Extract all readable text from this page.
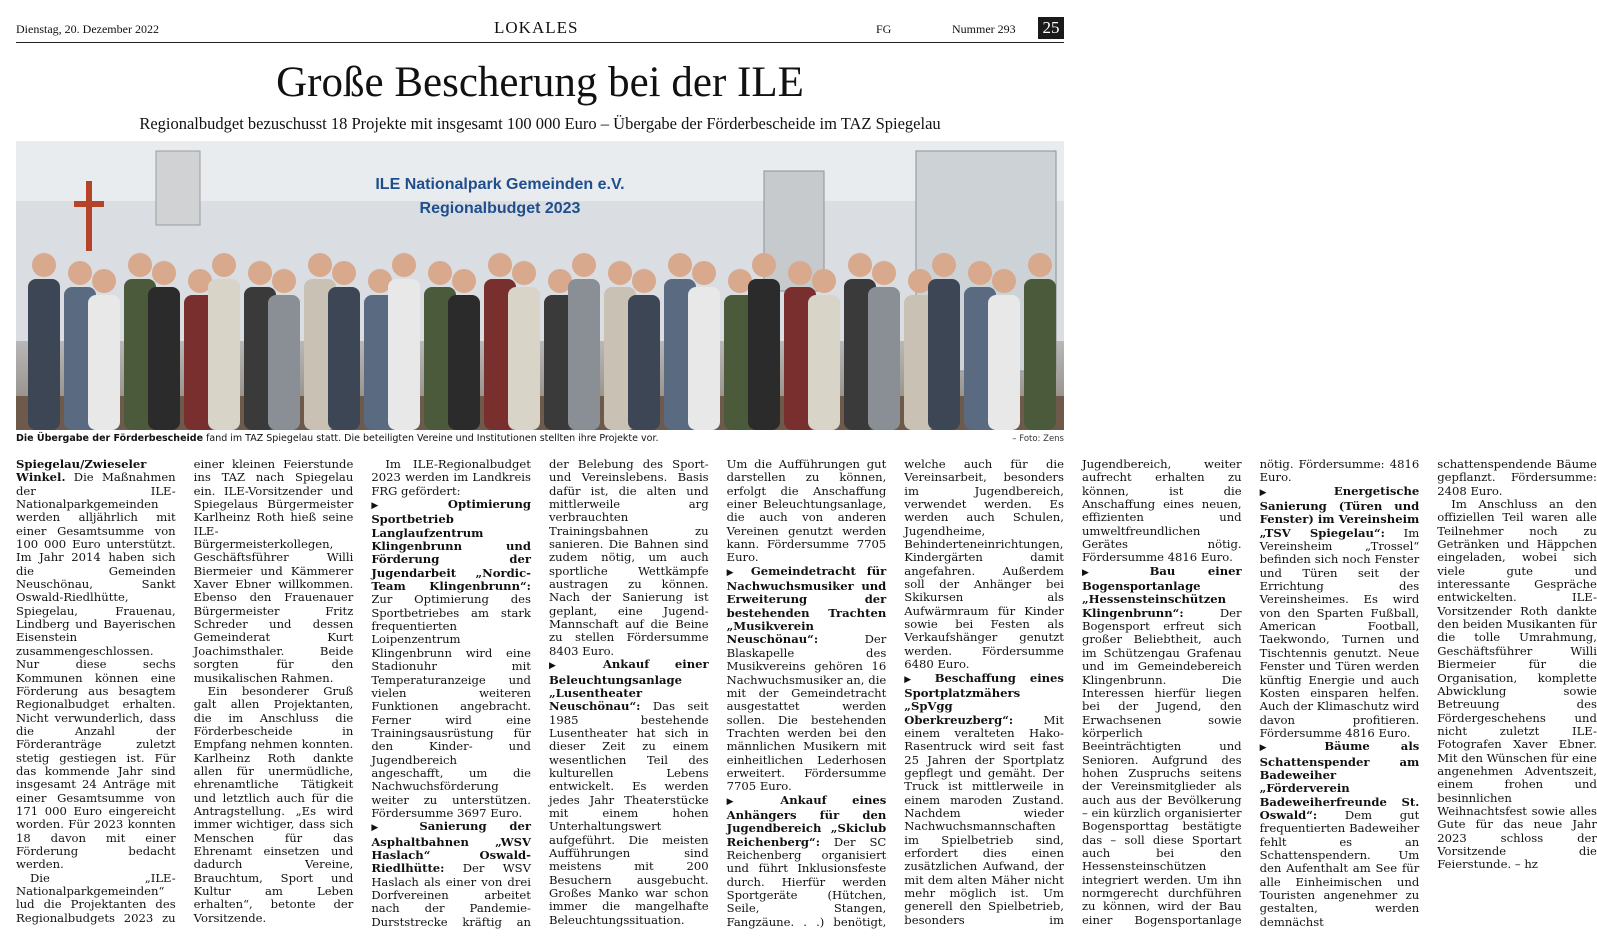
Dienstag, 20. Dezember 2022	LOKALES	FG	Nummer 293 25
Große Bescherung bei der ILE
Regionalbudget bezuschusst 18 Projekte mit insgesamt 100 000 Euro – Übergabe der Förderbescheide im TAZ Spiegelau
ILE Nationalpark Gemeinden e.V.
Regionalbudget 2023
Die Übergabe der Förderbescheide fand im TAZ Spiegelau statt. Die beteiligten Vereine und Institutionen stellten ihre Projekte vor.	– Foto: Zens

Spiegelau/Zwieseler Winkel. Die Maßnahmen der ILE-Nationalparkgemeinden werden alljährlich mit einer Gesamtsumme von 100 000 Euro unterstützt. Im Jahr 2014 haben sich die Gemeinden Neuschönau, Sankt Oswald-Riedlhütte, Spiegelau, Frauenau, Lindberg und Bayerischen Eisenstein zusammengeschlossen. Nur diese sechs Kommunen können eine Förderung aus besagtem Regionalbudget erhalten. Nicht verwunderlich, dass die Anzahl der Förderanträge zuletzt stetig gestiegen ist. Für das kommende Jahr sind insgesamt 24 Anträge mit einer Gesamtsumme von 171 000 Euro eingereicht worden. Für 2023 konnten 18 davon mit einer Förderung bedacht werden.

Die „ILE-Nationalparkgemeinden“ lud die Projektanten des Regionalbudgets 2023 zu einer kleinen Feierstunde ins TAZ nach Spiegelau ein. ILE-Vorsitzender und Spiegelaus Bürgermeister Karlheinz Roth hieß seine ILE-Bürgermeisterkollegen, Geschäftsführer Willi Biermeier und Kämmerer Xaver Ebner willkommen. Ebenso den Frauenauer Bürgermeister Fritz Schreder und dessen Gemeinderat Kurt Joachimsthaler. Beide sorgten für den musikalischen Rahmen.

Ein besonderer Gruß galt allen Projektanten, die im Anschluss die Förderbescheide in Empfang nehmen konnten. Karlheinz Roth dankte allen für unermüdliche, ehrenamtliche Tätigkeit und letztlich auch für die Antragstellung. „Es wird immer wichtiger, dass sich Menschen für das Ehrenamt einsetzen und dadurch Vereine, Brauchtum, Sport und Kultur am Leben erhalten“, betonte der Vorsitzende.

Im ILE-Regionalbudget 2023 werden im Landkreis FRG gefördert:

▶	Optimierung Sportbetrieb Langlaufzentrum Klingenbrunn und Förderung der Jugendarbeit „Nordic-Team Klingenbrunn“: Zur Optimierung des Sportbetriebes am stark frequentierten Loipenzentrum Klingenbrunn wird eine Stadionuhr mit Temperaturanzeige und vielen weiteren Funktionen angebracht. Ferner wird eine Trainingsausrüstung für den Kinder- und Jugendbereich angeschafft, um die Nachwuchsförderung weiter zu unterstützen. Fördersumme 3697 Euro.

▶ Sanierung der Asphaltbahnen „WSV Haslach“ Oswald-Riedlhütte: Der WSV Haslach als einer von drei Dorfvereinen arbeitet nach der Pandemie-Durststrecke kräftig an der Belebung des Sport- und Vereinslebens. Basis dafür ist, die alten und mittlerweile arg verbrauchten Trainingsbahnen zu sanieren. Die Bahnen sind zudem nötig, um auch sportliche Wettkämpfe austragen zu können. Nach der Sanierung ist geplant, eine Jugend- Mannschaft auf die Beine zu stellen Fördersumme 8403 Euro.

▶ Ankauf einer Beleuchtungsanlage „Lusentheater Neuschönau“: Das seit 1985 bestehende Lusentheater hat sich in dieser Zeit zu einem wesentlichen Teil des kulturellen Lebens entwickelt. Es werden jedes Jahr Theaterstücke mit einem hohen Unterhaltungswert aufgeführt. Die meisten Aufführungen sind meistens mit 200 Besuchern ausgebucht. Großes Manko war schon immer die mangelhafte Beleuchtungssituation. Um die Aufführungen gut darstellen zu können, erfolgt die Anschaffung einer Beleuchtungsanlage, die auch von anderen Vereinen genutzt werden kann. Fördersumme 7705 Euro.

▶ Gemeindetracht für Nachwuchsmusiker und Erweiterung der bestehenden Trachten „Musikverein Neuschönau“: Der Blaskapelle des Musikvereins gehören 16 Nachwuchsmusiker an, die mit der Gemeindetracht ausgestattet werden sollen. Die bestehenden Trachten werden bei den männlichen Musikern mit einheitlichen Lederhosen erweitert. Fördersumme 7705 Euro.

▶ Ankauf eines Anhängers für den Jugendbereich „Skiclub Reichenberg“: Der SC Reichenberg organisiert und führt Inklusionsfeste durch. Hierfür werden Sportgeräte (Hütchen, Seile, Stangen, Fangzäune. . .) benötigt, welche auch für die Vereinsarbeit, besonders im Jugendbereich, verwendet werden. Es werden auch Schulen, Jugendheime, Behinderteneinrichtungen, Kindergärten damit angefahren. Außerdem soll der Anhänger bei Skikursen als Aufwärmraum für Kinder sowie bei Festen als Verkaufshänger genutzt werden. Fördersumme 6480 Euro.

▶ Beschaffung eines Sportplatzmähers „SpVgg Oberkreuzberg“: Mit einem veralteten Hako-Rasentruck wird seit fast 25 Jahren der Sportplatz gepflegt und gemäht. Der Truck ist mittlerweile in einem maroden Zustand. Nachdem wieder Nachwuchsmannschaften im Spielbetrieb sind, erfordert dies einen zusätzlichen Aufwand, der mit dem alten Mäher nicht mehr möglich ist. Um generell den Spielbetrieb, besonders im Jugendbereich, weiter aufrecht erhalten zu können, ist die Anschaffung eines neuen, effizienten und umweltfreundlichen Gerätes nötig. Fördersumme 4816 Euro.

▶	Bau einer Bogensportanlage „Hessensteinschützen Klingenbrunn“: Der Bogensport erfreut sich großer Beliebtheit, auch im Schützengau Grafenau und im Gemeindebereich Klingenbrunn. Die Interessen hierfür liegen bei der Jugend, den Erwachsenen sowie körperlich Beeinträchtigten und Senioren. Aufgrund des hohen Zuspruchs seitens der Vereinsmitglieder als auch aus der Bevölkerung – ein kürzlich organisierter Bogensporttag bestätigte das – soll diese Sportart auch bei den Hessensteinschützen integriert werden. Um ihn normgerecht durchführen zu können, wird der Bau einer Bogensportanlage nötig. Fördersumme: 4816 Euro.

▶	Energetische Sanierung (Türen und Fenster) im Vereinsheim „TSV Spiegelau“: Im Vereinsheim „Trossel“ befinden sich noch Fenster und Türen seit der Errichtung des Vereinsheimes. Es wird von den Sparten Fußball, American Football, Taekwondo, Turnen und Tischtennis genutzt. Neue Fenster und Türen werden künftig Energie und auch Kosten einsparen helfen. Auch der Klimaschutz wird davon profitieren. Fördersumme 4816 Euro.

▶	Bäume als Schattenspender am Badeweiher „Förderverein Badeweiherfreunde St. Oswald“: Dem gut frequentierten Badeweiher fehlt es an Schattenspendern. Um den Aufenthalt am See für alle Einheimischen und Touristen angenehmer zu gestalten, werden demnächst schattenspendende Bäume gepflanzt. Fördersumme: 2408 Euro.

Im Anschluss an den offiziellen Teil waren alle Teilnehmer noch zu Getränken und Häppchen eingeladen, wobei sich viele gute und interessante Gespräche entwickelten. ILE-Vorsitzender Roth dankte den beiden Musikanten für die tolle Umrahmung, Geschäftsführer Willi Biermeier für die Organisation, komplette Abwicklung sowie Betreuung des Fördergeschehens und nicht zuletzt ILE-Fotografen Xaver Ebner. Mit den Wünschen für eine angenehmen Adventszeit, einem frohen und besinnlichen Weihnachtsfest sowie alles Gute für das neue Jahr 2023 schloss der Vorsitzende die Feierstunde. – hz
